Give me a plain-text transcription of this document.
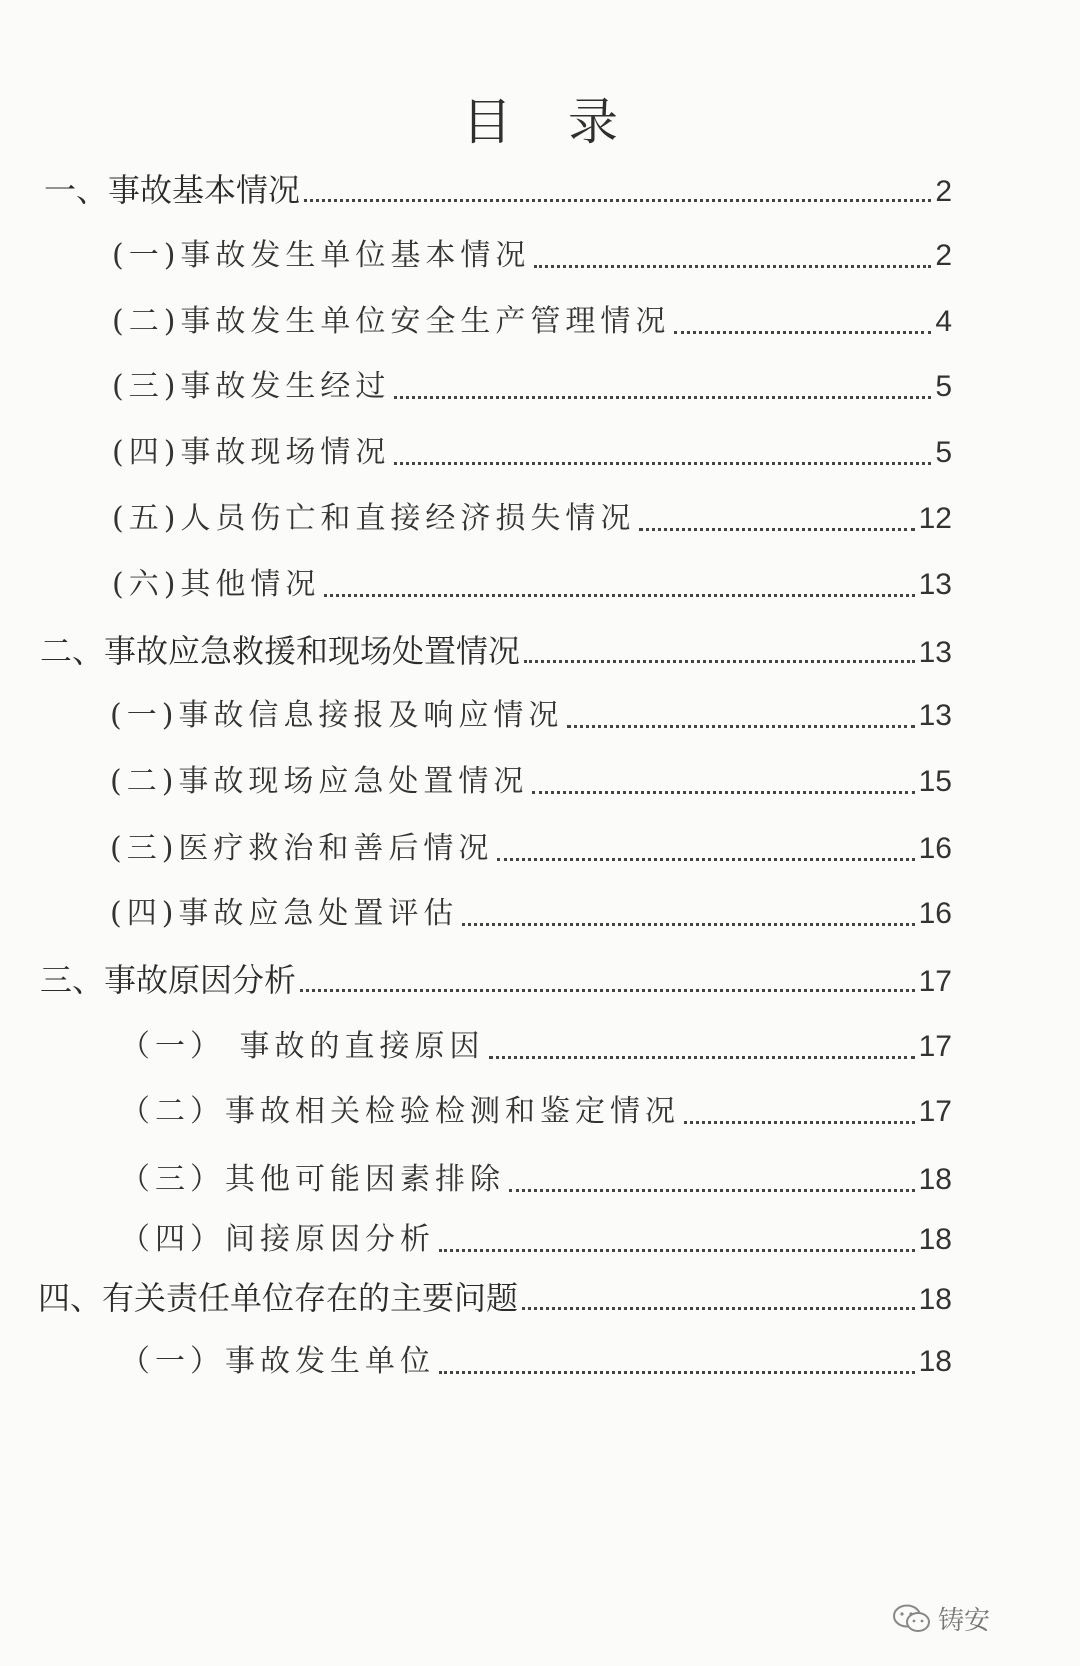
目 录
一、事故基本情况	2
(一)事故发生单位基本情况	2
(二)事故发生单位安全生产管理情况	4
(三)事故发生经过	5
(四)事故现场情况	5
(五)人员伤亡和直接经济损失情况	12
(六)其他情况	13
二、事故应急救援和现场处置情况	13
(一)事故信息接报及响应情况	13
(二)事故现场应急处置情况	15
(三)医疗救治和善后情况	16
(四)事故应急处置评估	16
三、事故原因分析	17
（一） 事故的直接原因	17
（二）事故相关检验检测和鉴定情况	17
（三）其他可能因素排除	18
（四）间接原因分析	18
四、有关责任单位存在的主要问题	18
（一）事故发生单位	18
铸安
